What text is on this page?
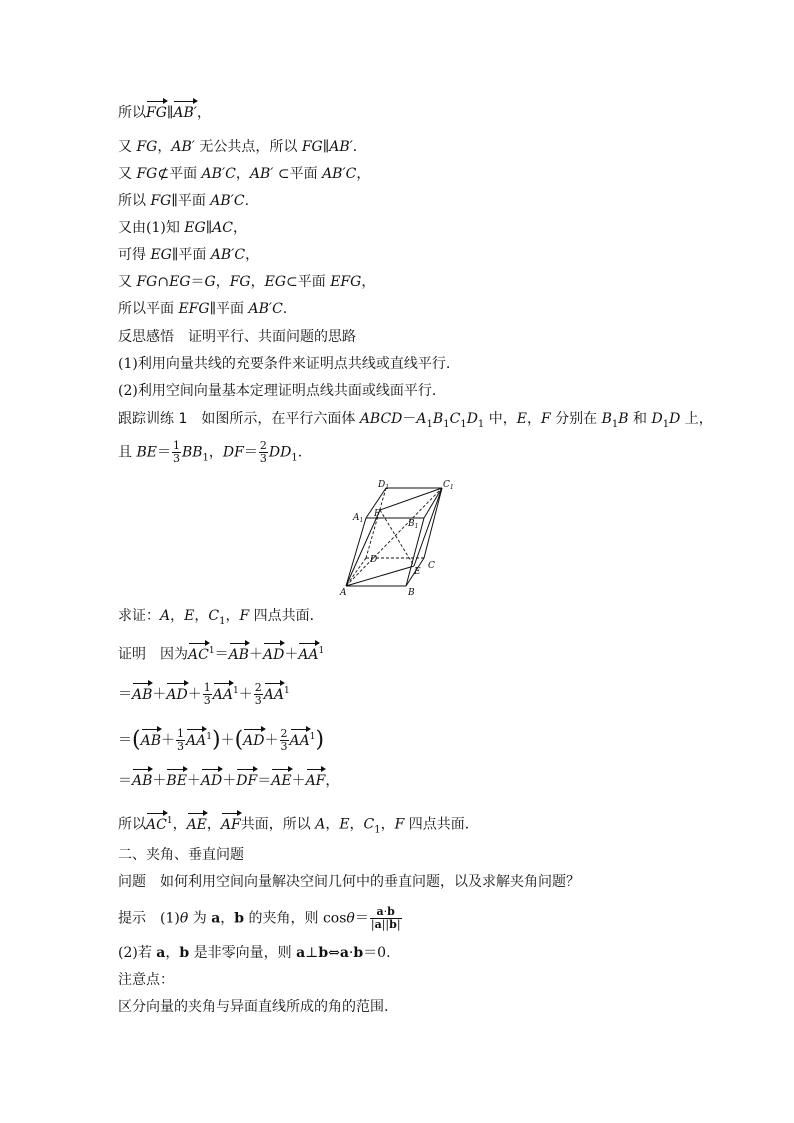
所以FG∥AB′，
又 FG，AB′ 无公共点，所以 FG∥AB′．
又 FG⊄平面 AB′C，AB′ ⊂平面 AB′C，
所以 FG∥平面 AB′C.
又由(1)知 EG∥AC，
可得 EG∥平面 AB′C，
又 FG∩EG＝G，FG，EG⊂平面 EFG，
所以平面 EFG∥平面 AB′C.
反思感悟　证明平行、共面问题的思路
(1)利用向量共线的充要条件来证明点共线或直线平行.
(2)利用空间向量基本定理证明点线共面或线面平行.
跟踪训练 1　如图所示，在平行六面体 $ABCD-A_1B_1C_1D_1$ 中，E，F 分别在 $B_1B$ 和 $D_1D$ 上，
且 $BE= \frac{1}{3} BB_1$，$DF= \frac{2}{3} DD_1$.
$D_1$	$C_1$
$A_1$	$B_1$
F
D
E
C
A	B
求证：A，E，$C_1$，F 四点共面．
证明　因为$AC^1=AB+AD+AA^1$
$=AB+AD+ \frac{1}{3} AA^1+ \frac{2}{3} AA^1$
$=(AB+ \frac{1}{3} AA^1)+(AD+ \frac{2}{3} AA^1)$
＝AB＋BE＋AD＋DF＝AE＋AF，
所以$AC^1$，AE，AF共面，所以 A，E，$C_1$，F 四点共面．
二、夹角、垂直问题
问题　如何利用空间向量解决空间几何中的垂直问题，以及求解夹角问题？
提示　(1)θ 为 a，b 的夹角，则 $\cos\theta= \frac{a\cdot b}{|a||b|}$
(2)若 a，b 是非零向量，则 a⊥b⇔a·b＝0.
注意点：
区分向量的夹角与异面直线所成的角的范围.
